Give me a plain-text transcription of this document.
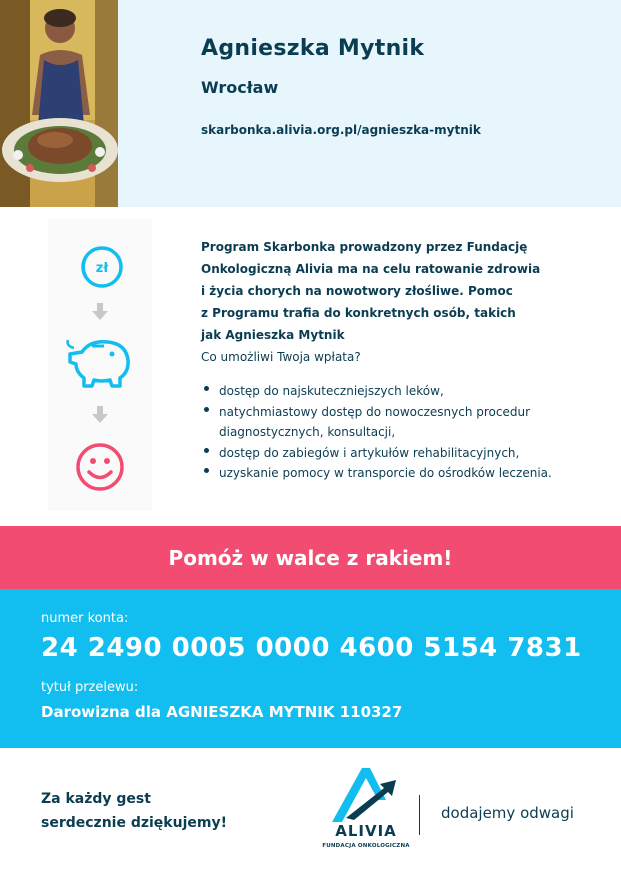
Agnieszka Mytnik
Wrocław
skarbonka.alivia.org.pl/agnieszka-mytnik
zł
Program Skarbonka prowadzony przez Fundację
Onkologiczną Alivia ma na celu ratowanie zdrowia
i życia chorych na nowotwory złośliwe. Pomoc
z Programu trafia do konkretnych osób, takich
jak Agnieszka Mytnik
Co umożliwi Twoja wpłata?
dostęp do najskuteczniejszych leków,
natychmiastowy dostęp do nowoczesnych procedur diagnostycznych, konsultacji,
dostęp do zabiegów i artykułów rehabilitacyjnych,
uzyskanie pomocy w transporcie do ośrodków leczenia.
Pomóż w walce z rakiem!
numer konta:
24 2490 0005 0000 4600 5154 7831
tytuł przelewu:
Darowizna dla AGNIESZKA MYTNIK 110327
Za każdy gest
serdecznie dziękujemy!	ALIVIA
FUNDACJA ONKOLOGICZNA
dodajemy odwagi
